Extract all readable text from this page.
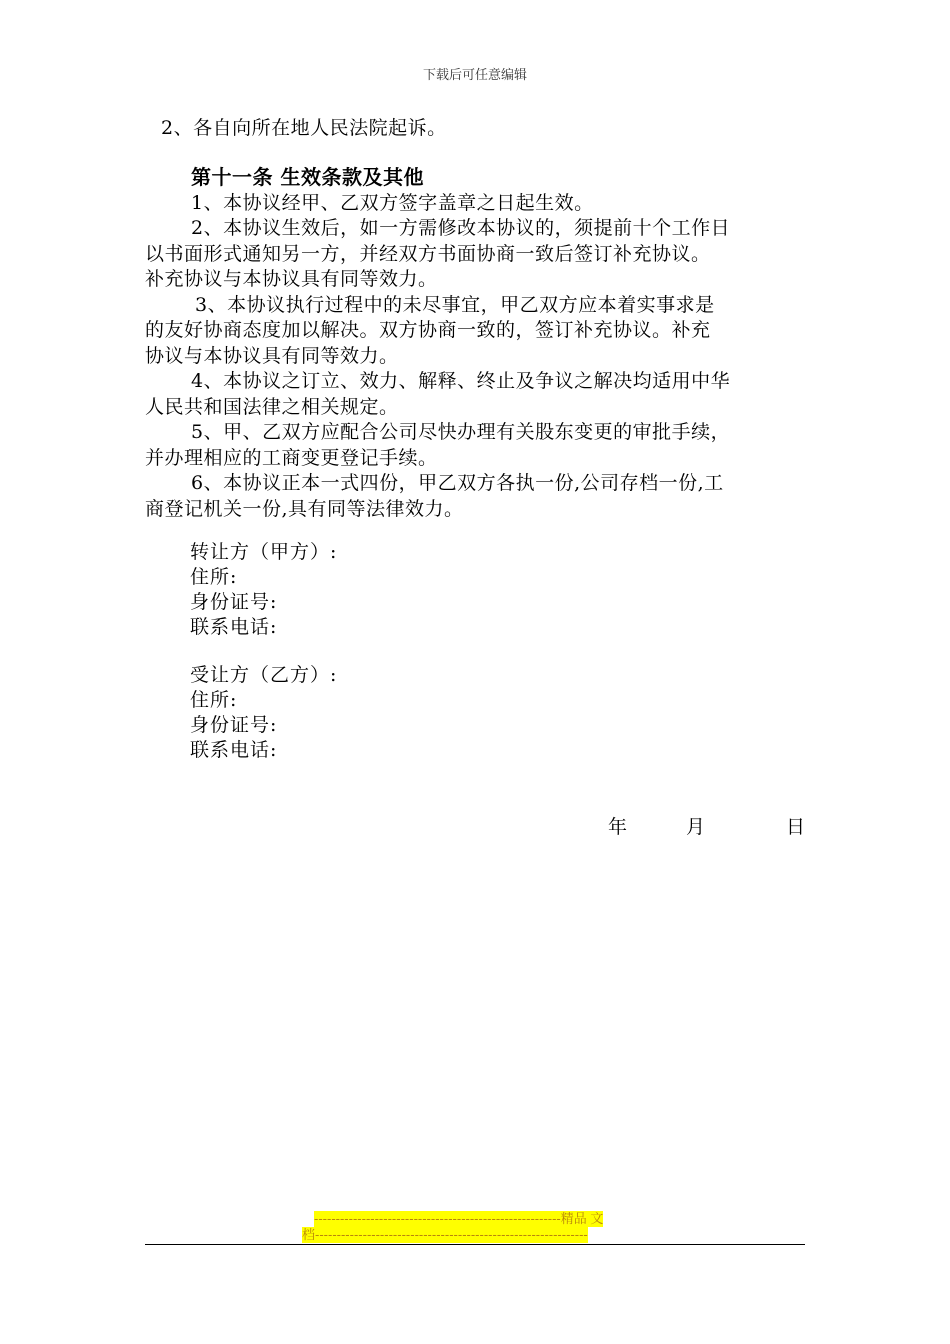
下载后可任意编辑
2、各自向所在地人民法院起诉。
第十一条 生效条款及其他
1、本协议经甲、乙双方签字盖章之日起生效。
2、本协议生效后，如一方需修改本协议的，须提前十个工作日
以书面形式通知另一方，并经双方书面协商一致后签订补充协议。
补充协议与本协议具有同等效力。
3、本协议执行过程中的未尽事宜，甲乙双方应本着实事求是
的友好协商态度加以解决。双方协商一致的，签订补充协议。补充
协议与本协议具有同等效力。
4、本协议之订立、效力、解释、终止及争议之解决均适用中华
人民共和国法律之相关规定。
5、甲、乙双方应配合公司尽快办理有关股东变更的审批手续，
并办理相应的工商变更登记手续。
6、本协议正本一式四份，甲乙双方各执一份,公司存档一份,工
商登记机关一份,具有同等法律效力。
转让方（甲方）:
住所:
身份证号:
联系电话:
受让方（乙方）:
住所:
身份证号:
联系电话:
年	月	日
---------------------------------------------------------精品 文
档---------------------------------------------------------------
